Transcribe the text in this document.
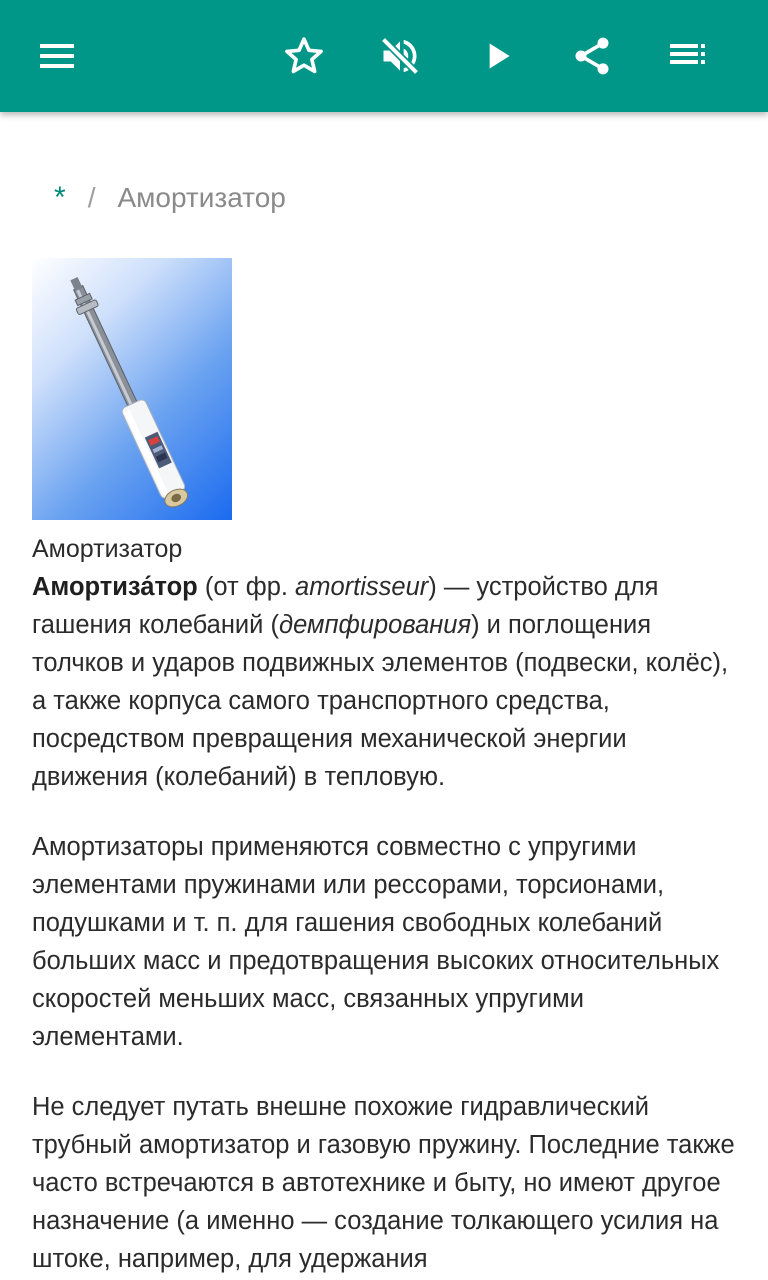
* / Амортизатор
Амортизатор

Амортиза́тор (от фр. amortisseur) — устройство для гашения колебаний (демпфирования) и поглощения толчков и ударов подвижных элементов (подвески, колёс), а также корпуса самого транспортного средства, посредством превращения механической энергии движения (колебаний) в тепловую.

Амортизаторы применяются совместно с упругими элементами пружинами или рессорами, торсионами, подушками и т. п. для гашения свободных колебаний больших масс и предотвращения высоких относительных скоростей меньших масс, связанных упругими элементами.

Не следует путать внешне похожие гидравлический трубный амортизатор и газовую пружину. Последние также часто встречаются в автотехнике и быту, но имеют другое назначение (а именно — создание толкающего усилия на штоке, например, для удержания
